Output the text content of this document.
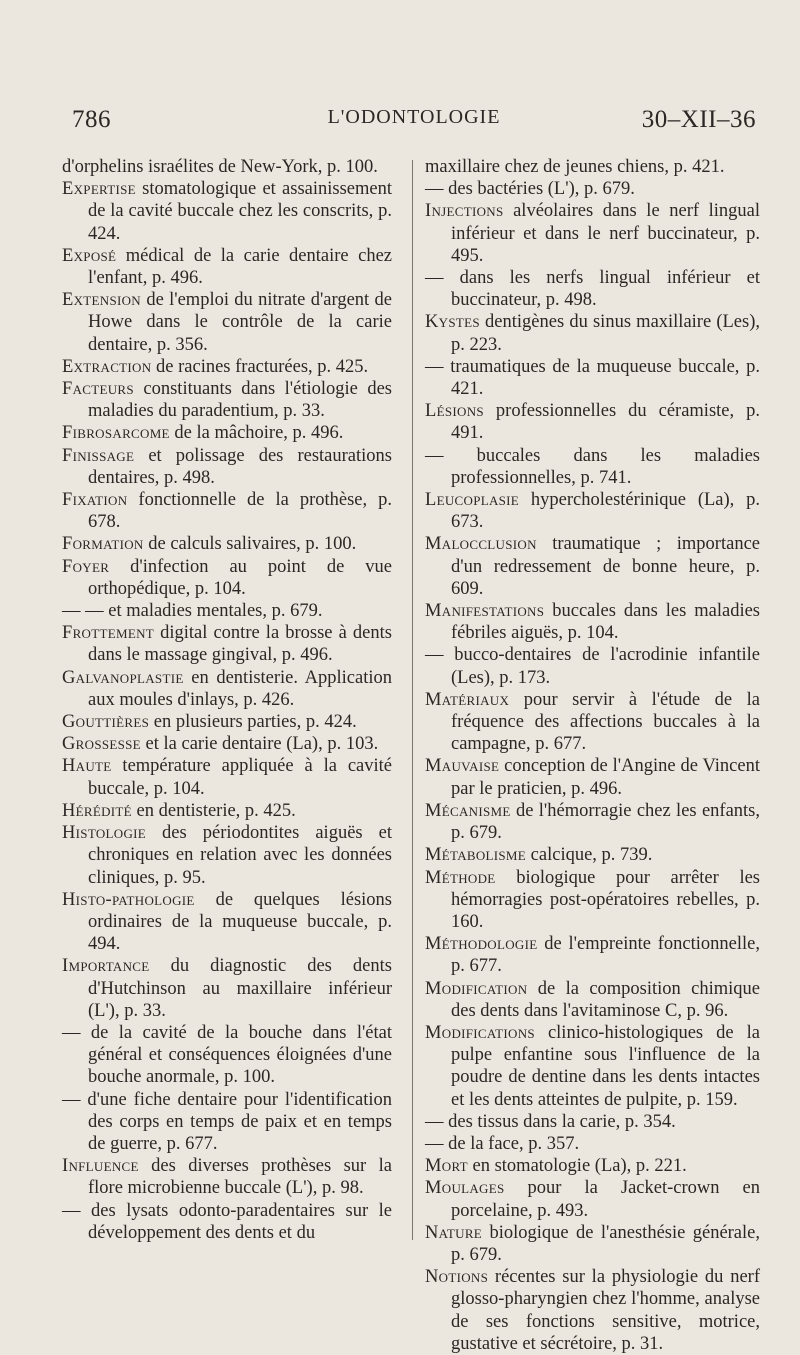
786	L'ODONTOLOGIE	30–XII–36

d'orphelins israélites de New-York, p. 100.

Expertise stomatologique et assainissement de la cavité buccale chez les conscrits, p. 424.

Exposé médical de la carie dentaire chez l'enfant, p. 496.

Extension de l'emploi du nitrate d'argent de Howe dans le contrôle de la carie dentaire, p. 356.

Extraction de racines fracturées, p. 425.

Facteurs constituants dans l'étiologie des maladies du paradentium, p. 33.

Fibrosarcome de la mâchoire, p. 496.

Finissage et polissage des restaurations dentaires, p. 498.

Fixation fonctionnelle de la prothèse, p. 678.

Formation de calculs salivaires, p. 100.

Foyer d'infection au point de vue orthopédique, p. 104.

— — et maladies mentales, p. 679.

Frottement digital contre la brosse à dents dans le massage gingival, p. 496.

Galvanoplastie en dentisterie. Application aux moules d'inlays, p. 426.

Gouttières en plusieurs parties, p. 424.

Grossesse et la carie dentaire (La), p. 103.

Haute température appliquée à la cavité buccale, p. 104.

Hérédité en dentisterie, p. 425.

Histologie des périodontites aiguës et chroniques en relation avec les données cliniques, p. 95.

Histo-pathologie de quelques lésions ordinaires de la muqueuse buccale, p. 494.

Importance du diagnostic des dents d'Hutchinson au maxillaire inférieur (L'), p. 33.

— de la cavité de la bouche dans l'état général et conséquences éloignées d'une bouche anormale, p. 100.

— d'une fiche dentaire pour l'identification des corps en temps de paix et en temps de guerre, p. 677.

Influence des diverses prothèses sur la flore microbienne buccale (L'), p. 98.

— des lysats odonto-paradentaires sur le développement des dents et du

maxillaire chez de jeunes chiens, p. 421.

— des bactéries (L'), p. 679.

Injections alvéolaires dans le nerf lingual inférieur et dans le nerf buccinateur, p. 495.

— dans les nerfs lingual inférieur et buccinateur, p. 498.

Kystes dentigènes du sinus maxillaire (Les), p. 223.

— traumatiques de la muqueuse buccale, p. 421.

Lésions professionnelles du céramiste, p. 491.

— buccales dans les maladies professionnelles, p. 741.

Leucoplasie hypercholestérinique (La), p. 673.

Malocclusion traumatique ; importance d'un redressement de bonne heure, p. 609.

Manifestations buccales dans les maladies fébriles aiguës, p. 104.

— bucco-dentaires de l'acrodinie infantile (Les), p. 173.

Matériaux pour servir à l'étude de la fréquence des affections buccales à la campagne, p. 677.

Mauvaise conception de l'Angine de Vincent par le praticien, p. 496.

Mécanisme de l'hémorragie chez les enfants, p. 679.

Métabolisme calcique, p. 739.

Méthode biologique pour arrêter les hémorragies post-opératoires rebelles, p. 160.

Méthodologie de l'empreinte fonctionnelle, p. 677.

Modification de la composition chimique des dents dans l'avitaminose C, p. 96.

Modifications clinico-histologiques de la pulpe enfantine sous l'influence de la poudre de dentine dans les dents intactes et les dents atteintes de pulpite, p. 159.

— des tissus dans la carie, p. 354.

— de la face, p. 357.

Mort en stomatologie (La), p. 221.

Moulages pour la Jacket-crown en porcelaine, p. 493.

Nature biologique de l'anesthésie générale, p. 679.

Notions récentes sur la physiologie du nerf glosso-pharyngien chez l'homme, analyse de ses fonctions sensitive, motrice, gustative et sécrétoire, p. 31.
